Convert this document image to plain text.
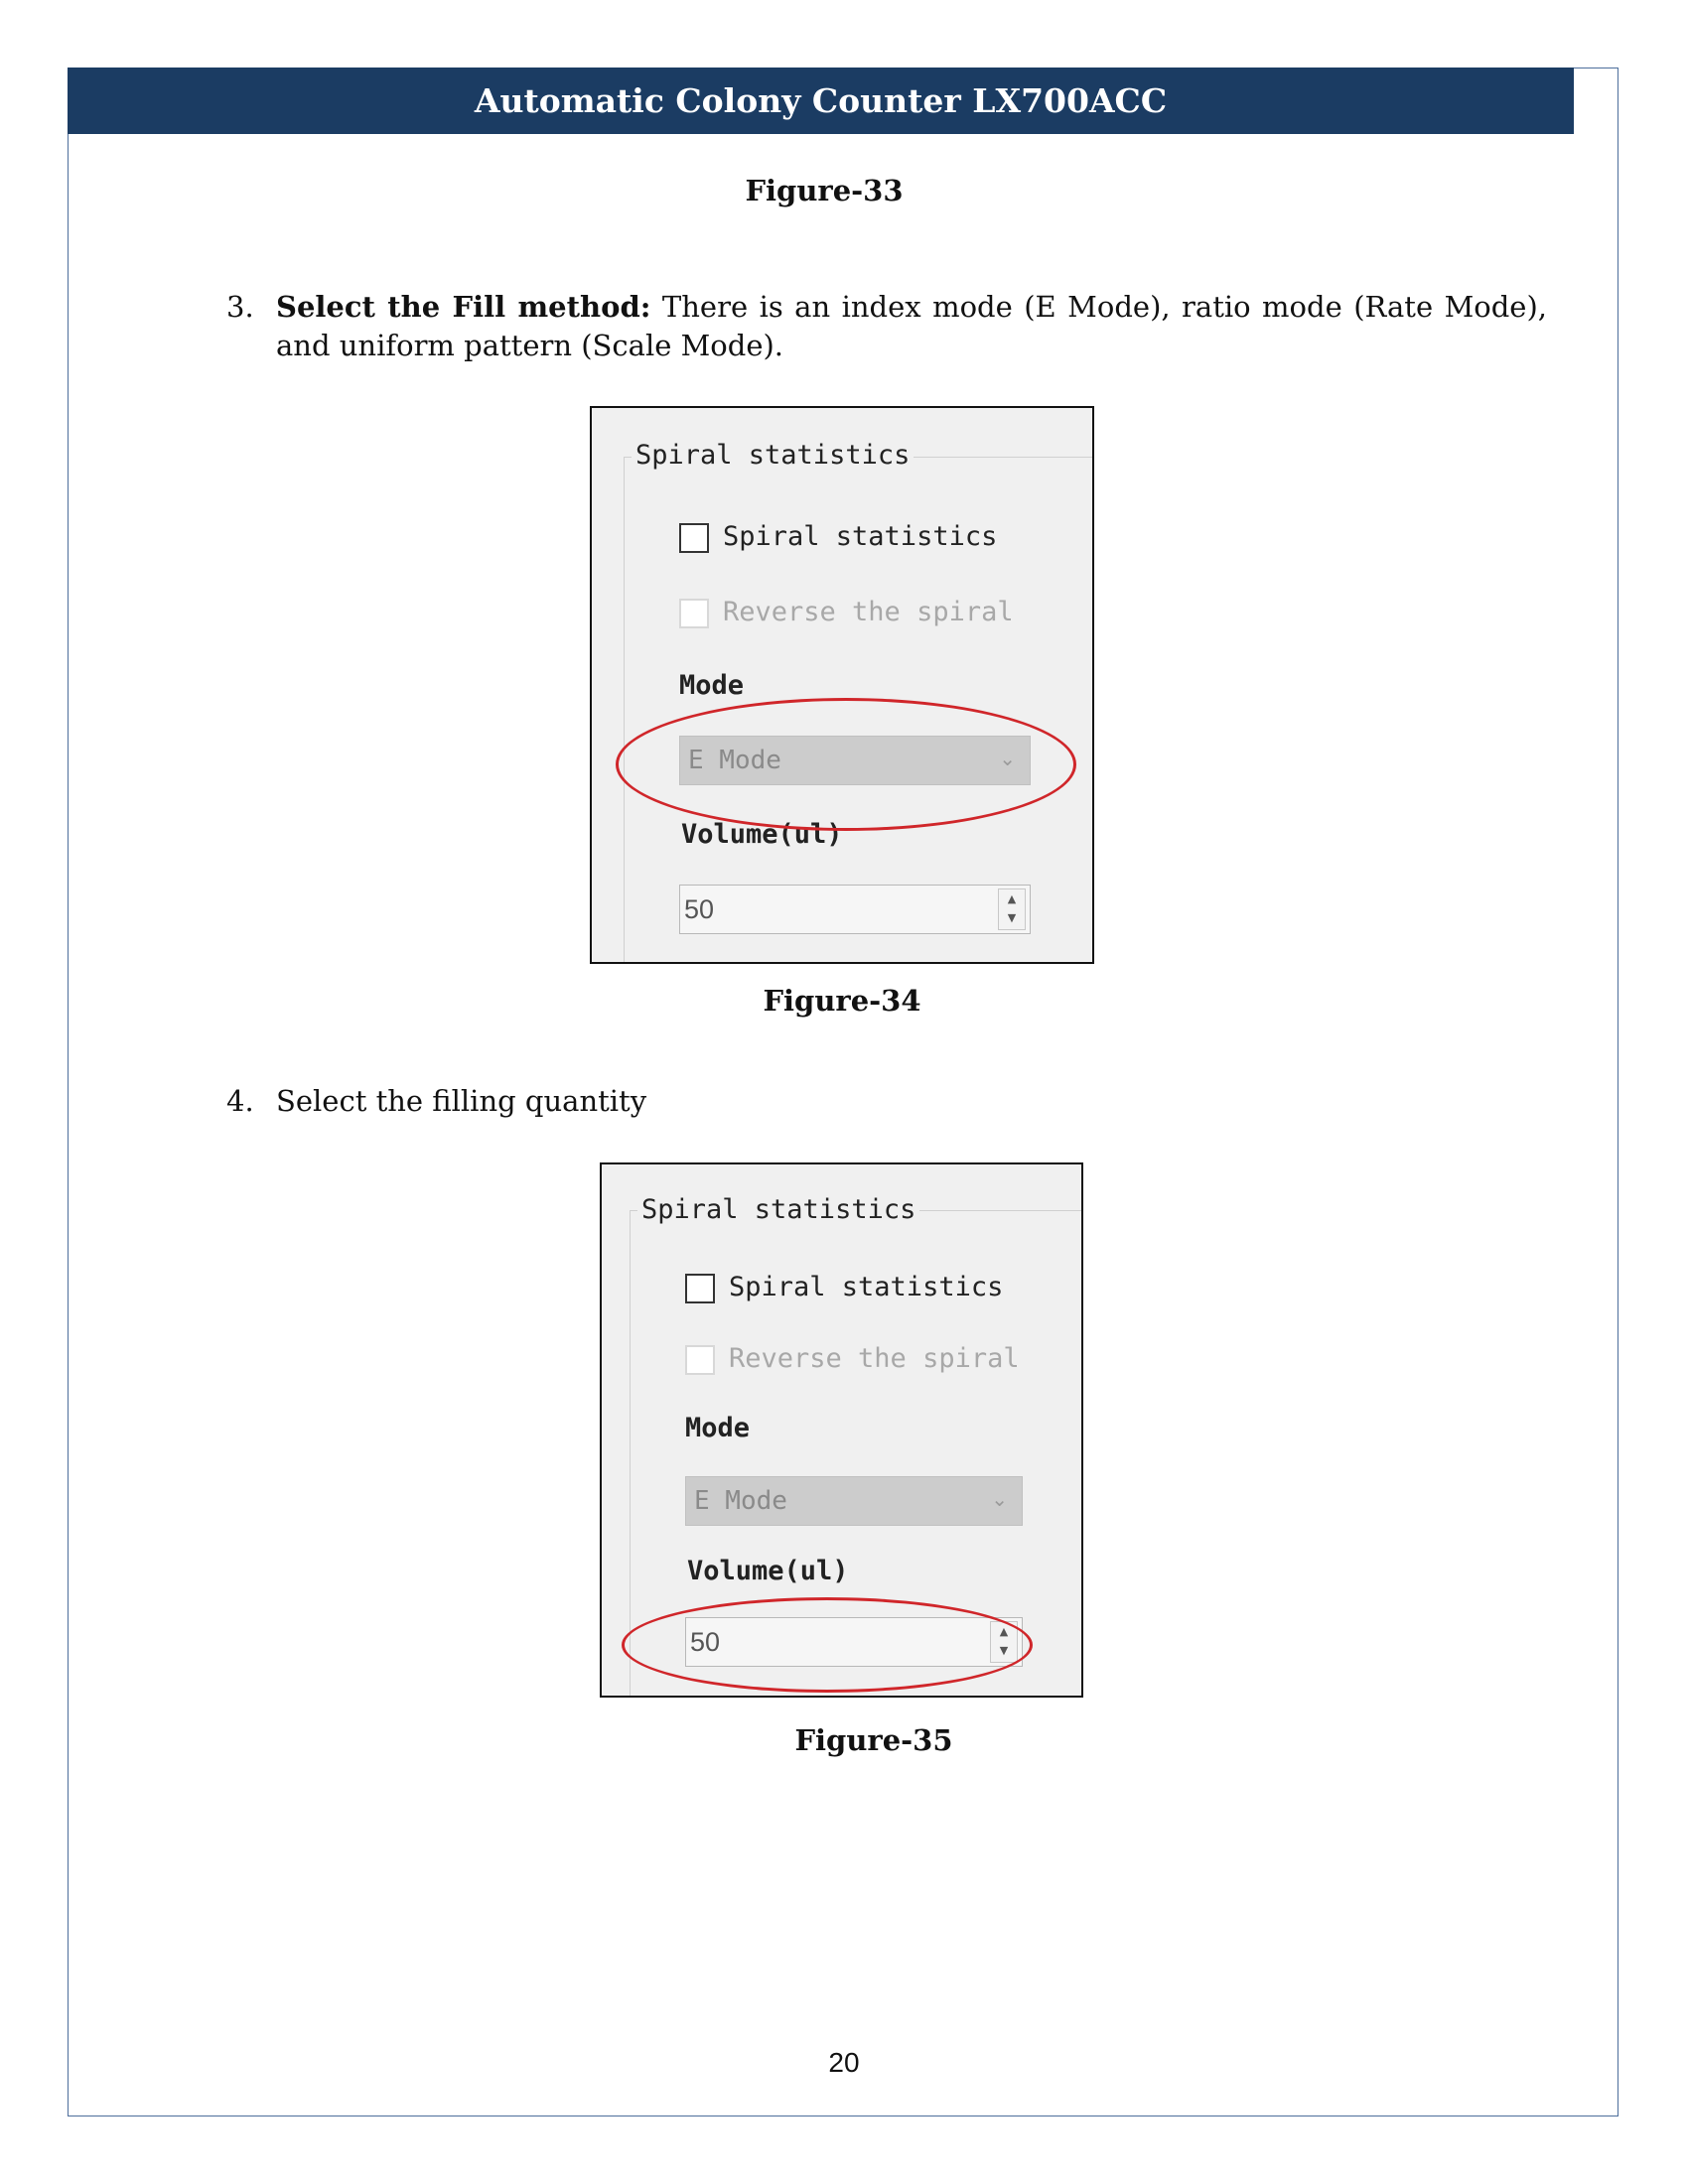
Automatic Colony Counter LX700ACC
Figure-33
3. Select the Fill method: There is an index mode (E Mode), ratio mode (Rate Mode), and uniform pattern (Scale Mode).
Spiral statistics
Spiral statistics
Reverse the spiral
Mode
E Mode	⌄
Volume(ul)
50	▲
▼
Figure-34
4. Select the filling quantity
Spiral statistics
Spiral statistics
Reverse the spiral
Mode
E Mode	⌄
Volume(ul)
50	▲
▼
Figure-35
20
